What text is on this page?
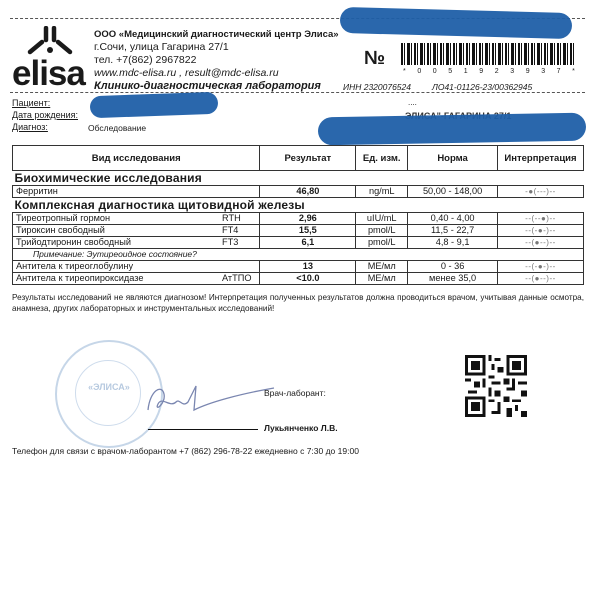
elisa
ООО «Медицинский диагностический центр Элиса»
г.Сочи, улица Гагарина 27/1
тел. +7(862) 2967822
www.mdc-elisa.ru , result@mdc-elisa.ru
Клинико-диагностическая лаборатория	ИНН 2320076524 ЛО41-01126-23/00362945
№
* 0 0 5 1 9 2 3 9 3 7 *
Пациент:
Дата рождения:
Диагноз:	Обследование
....
Вид исследования		Результат	Ед. изм.	Норма	Интерпретация
Биохимические исследования					
Ферритин		46,80	ng/mL	50,00 - 148,00	-●(---)--
Комплексная диагностика щитовидной железы					
Тиреотропный гормон	RTH	2,96	uIU/mL	0,40 - 4,00	--(--●)--
Тироксин свободный	FT4	15,5	pmol/L	11,5 - 22,7	--(-●-)--
Трийодтиронин свободный	FT3	6,1	pmol/L	4,8 - 9,1	--(●--)--
Примечание: Эутиреоидное состояние?					
Антитела к тиреоглобулину		13	МЕ/мл	0 - 36	--(-●-)--
Антитела к тиреопироксидазе	АтТПО	<10.0	МЕ/мл	менее 35,0	--(●--)--
Результаты исследований не являются диагнозом! Интерпретация полученных результатов должна проводиться врачом, учитывая данные осмотра, анамнеза, других лабораторных и инструментальных исследований!
«ЭЛИСА»
Врач-лаборант:
Лукьянченко Л.В.
Телефон для связи с врачом-лаборантом +7 (862) 296-78-22 ежедневно с 7:30 до 19:00
